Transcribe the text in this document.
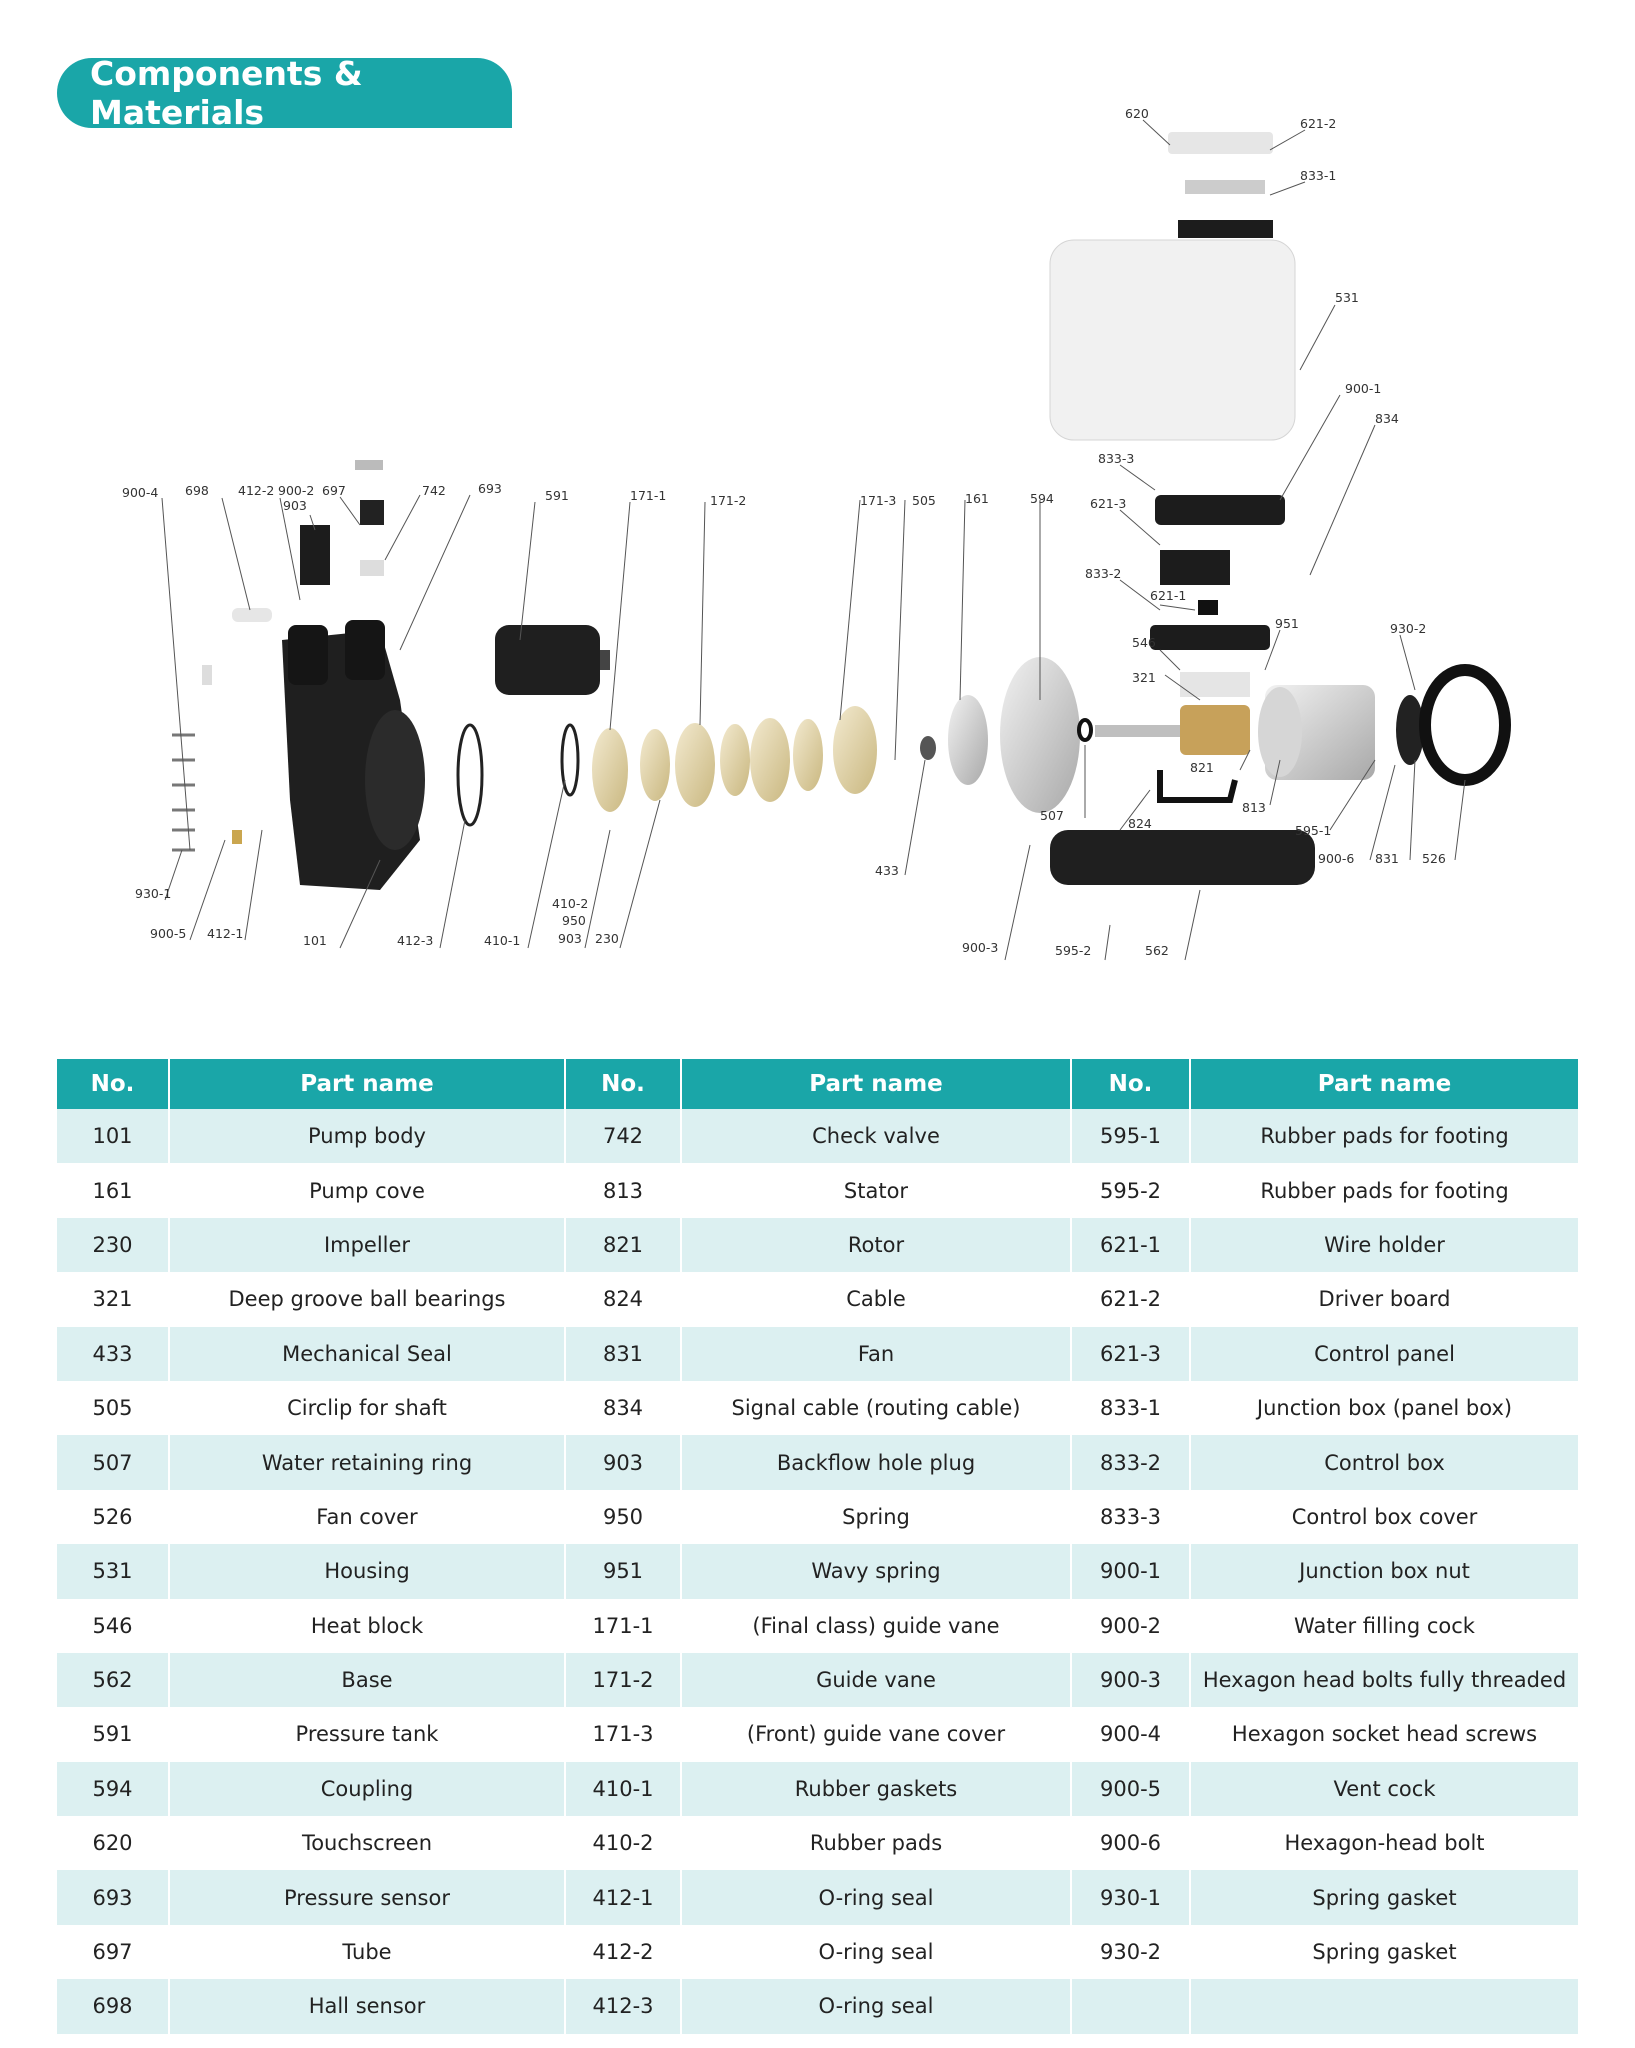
Components & Materials	620
621-2
833-1
531
900-1
834
833-3
621-3
833-2
621-1
546
951	930-2
321
821
813
595-1
900-6 831 526
824
562
595-2
900-3
507
433
594
161
505
171-3
171-2
171-1
591
693
742
697
900-2
903
412-2
698
900-4
930-1
900-5 412-1	101	412-3	410-1
410-2
950
903 230
No.	Part name	No.	Part name	No.	Part name
101	Pump body	742	Check valve	595-1	Rubber pads for footing
161	Pump cove	813	Stator	595-2	Rubber pads for footing
230	Impeller	821	Rotor	621-1	Wire holder
321	Deep groove ball bearings	824	Cable	621-2	Driver board
433	Mechanical Seal	831	Fan	621-3	Control panel
505	Circlip for shaft	834	Signal cable (routing cable)	833-1	Junction box (panel box)
507	Water retaining ring	903	Backflow hole plug	833-2	Control box
526	Fan cover	950	Spring	833-3	Control box cover
531	Housing	951	Wavy spring	900-1	Junction box nut
546	Heat block	171-1	(Final class) guide vane	900-2	Water filling cock
562	Base	171-2	Guide vane	900-3	Hexagon head bolts fully threaded
591	Pressure tank	171-3	(Front) guide vane cover	900-4	Hexagon socket head screws
594	Coupling	410-1	Rubber gaskets	900-5	Vent cock
620	Touchscreen	410-2	Rubber pads	900-6	Hexagon-head bolt
693	Pressure sensor	412-1	O-ring seal	930-1	Spring gasket
697	Tube	412-2	O-ring seal	930-2	Spring gasket
698	Hall sensor	412-3	O-ring seal		
